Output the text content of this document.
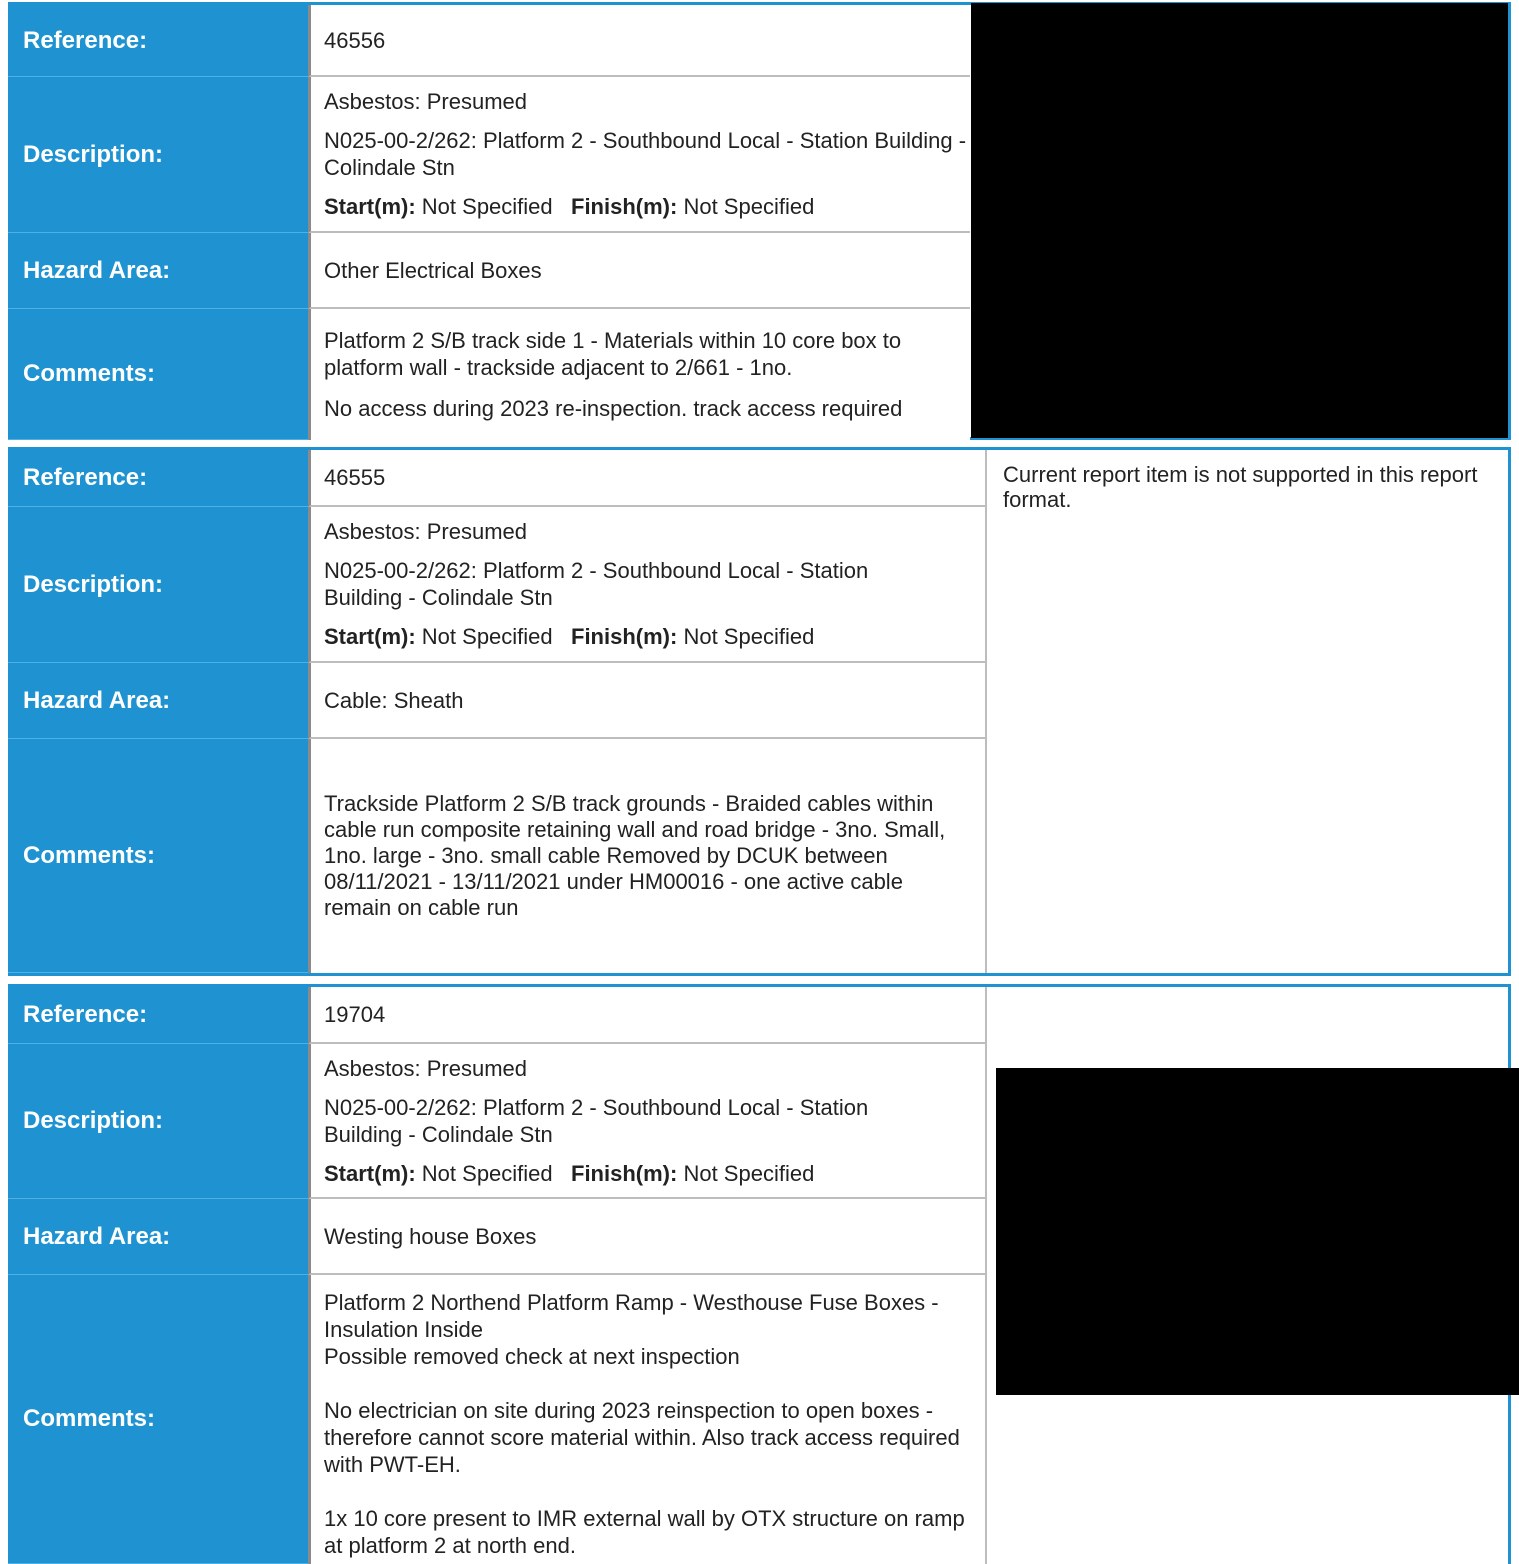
Reference:	46556

Description:

Asbestos: Presumed

N025-00-2/262: Platform 2 - Southbound Local - Station Building - Colindale Stn

Start(m): Not Specified Finish(m): Not Specified

Hazard Area:	Other Electrical Boxes

Comments:

Platform 2 S/B track side 1 - Materials within 10 core box to platform wall - trackside adjacent to 2/661 - 1no.

No access during 2023 re-inspection. track access required

Reference:	46555

Description:

Asbestos: Presumed

N025-00-2/262: Platform 2 - Southbound Local - Station Building - Colindale Stn

Start(m): Not Specified Finish(m): Not Specified

Hazard Area:	Cable: Sheath

Comments:

Trackside Platform 2 S/B track grounds - Braided cables within cable run composite retaining wall and road bridge - 3no. Small, 1no. large - 3no. small cable Removed by DCUK between 08/11/2021 - 13/11/2021 under HM00016 - one active cable remain on cable run

Current report item is not supported in this report format.

Reference:	19704

Description:

Asbestos: Presumed

N025-00-2/262: Platform 2 - Southbound Local - Station Building - Colindale Stn

Start(m): Not Specified Finish(m): Not Specified

Hazard Area:	Westing house Boxes

Comments:

Platform 2 Northend Platform Ramp - Westhouse Fuse Boxes - Insulation Inside

Possible removed check at next inspection

No electrician on site during 2023 reinspection to open boxes - therefore cannot score material within. Also track access required with PWT-EH.

1x 10 core present to IMR external wall by OTX structure on ramp at platform 2 at north end.
